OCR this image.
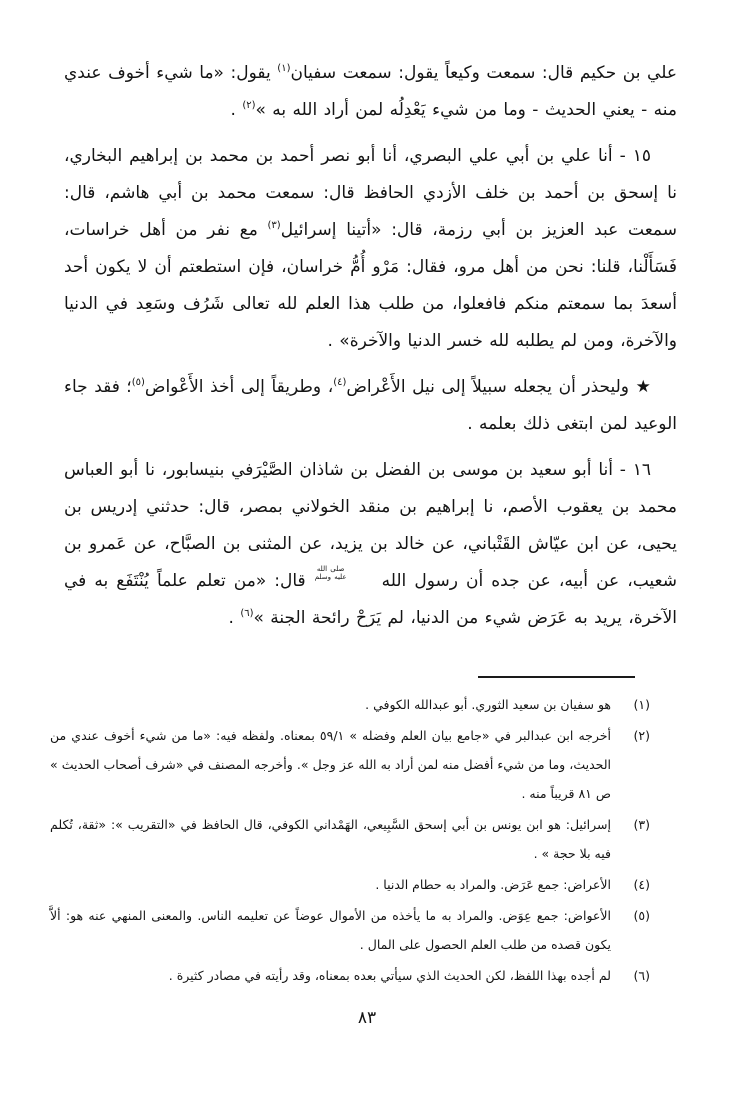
علي بن حكيم قال: سمعت وكيعاً يقول: سمعت سفيان$^{(١)}$ يقول: «ما شيء أخوف عندي منه - يعني الحديث - وما من شيء يَعْدِلُه لمن أراد الله به »$^{(٢)}$ .

١٥ - أنا علي بن أبي علي البصري، أنا أبو نصر أحمد بن محمد بن إبراهيم البخاري، نا إسحق بن أحمد بن خلف الأزدي الحافظ قال: سمعت محمد بن أبي هاشم، قال: سمعت عبد العزيز بن أبي رزمة، قال: «أتينا إسرائيل$^{(٣)}$ مع نفر من أهل خراسات، فَسَأَلْنا، قلنا: نحن من أهل مرو، فقال: مَرْو أُمُّ خراسان، فإن استطعتم أن لا يكون أحد أسعدَ بما سمعتم منكم فافعلوا، من طلب هذا العلم لله تعالى شَرُف وسَعِد في الدنيا والآخرة، ومن لم يطلبه لله خسر الدنيا والآخرة» .

★ وليحذر أن يجعله سبيلاً إلى نيل الأَعْراض$^{(٤)}$، وطريقاً إلى أخذ الأَعْواض$^{(٥)}$؛ فقد جاء الوعيد لمن ابتغى ذلك بعلمه .

١٦ - أنا أبو سعيد بن موسى بن الفضل بن شاذان الصَّيْرَفي بنيسابور، نا أبو العباس محمد بن يعقوب الأصم، نا إبراهيم بن منقد الخولاني بمصر، قال: حدثني إدريس بن يحيى، عن ابن عيّاش القَتْباني، عن خالد بن يزيد، عن المثنى بن الصبَّاح، عن عَمرو بن شعيب، عن أبيه، عن جده أن رسول الله
صلى الله
عليه وسلم
قال: «من تعلم علماً يُنْتَفَع به في الآخرة، يريد به عَرَض شيء من الدنيا، لم يَرَحْ رائحة الجنة »$^{(٦)}$ .

(١)
هو سفيان بن سعيد الثوري. أبو عبدالله الكوفي .
(٢)
أخرجه ابن عبدالبر في «جامع بيان العلم وفضله » ٥٩/١ بمعناه. ولفظه فيه: «ما من شيء أخوف عندي من الحديث، وما من شيء أفضل منه لمن أراد به الله عز وجل ». وأخرجه المصنف في «شرف أصحاب الحديث » ص ٨١ قريباً منه .
(٣)
إسرائيل: هو ابن يونس بن أبي إسحق السَّبِيعي، الهَمْداني الكوفي، قال الحافظ في «التقريب »: «ثقة، تُكلم فيه بلا حجة » .
(٤)
الأعراض: جمع عَرَض. والمراد به حطام الدنيا .
(٥)
الأعواض: جمع عِوَض. والمراد به ما يأخذه من الأموال عوضاً عن تعليمه الناس. والمعنى المنهي عنه هو: ألاَّ يكون قصده من طلب العلم الحصول على المال .
(٦)
لم أجده بهذا اللفظ، لكن الحديث الذي سيأتي بعده بمعناه، وقد رأيته في مصادر كثيرة .
٨٣
